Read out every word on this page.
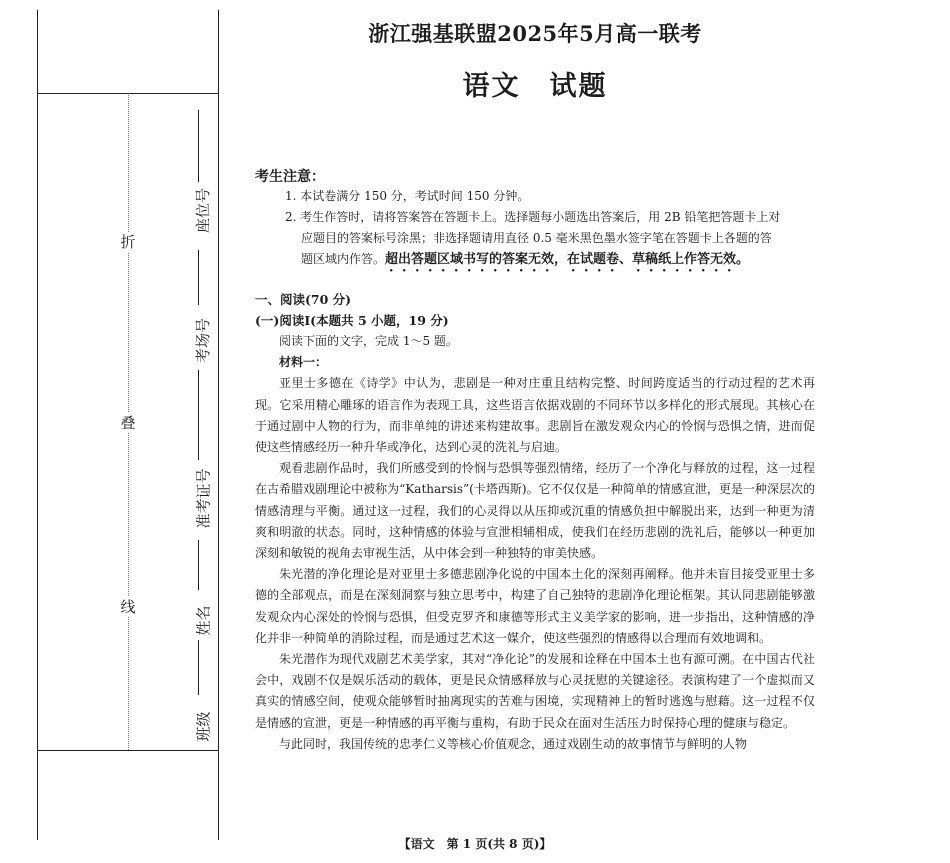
折
叠
线
座位号
考场号
准考证号
姓名
班级
浙江强基联盟2025年5月高一联考
语文　试题
考生注意：

1. 本试卷满分 150 分，考试时间 150 分钟。

2. 考生作答时，请将答案答在答题卡上。选择题每小题选出答案后，用 2B 铅笔把答题卡上对

应题目的答案标号涂黑；非选择题请用直径 0.5 毫米黑色墨水签字笔在答题卡上各题的答

题区域内作答。超出答题区域书写的答案无效，在试题卷、草稿纸上作答无效。

一、阅读(70 分)
(一)阅读Ⅰ(本题共 5 小题，19 分)

阅读下面的文字，完成 1～5 题。

材料一：

亚里士多德在《诗学》中认为，悲剧是一种对庄重且结构完整、时间跨度适当的行动过程的艺术再现。它采用精心雕琢的语言作为表现工具，这些语言依据戏剧的不同环节以多样化的形式展现。其核心在于通过剧中人物的行为，而非单纯的讲述来构建故事。悲剧旨在激发观众内心的怜悯与恐惧之情，进而促使这些情感经历一种升华或净化，达到心灵的洗礼与启迪。

观看悲剧作品时，我们所感受到的怜悯与恐惧等强烈情绪，经历了一个净化与释放的过程，这一过程在古希腊戏剧理论中被称为“Katharsis”(卡塔西斯)。它不仅仅是一种简单的情感宣泄，更是一种深层次的情感清理与平衡。通过这一过程，我们的心灵得以从压抑或沉重的情感负担中解脱出来，达到一种更为清爽和明澈的状态。同时，这种情感的体验与宣泄相辅相成，使我们在经历悲剧的洗礼后，能够以一种更加深刻和敏锐的视角去审视生活，从中体会到一种独特的审美快感。

朱光潜的净化理论是对亚里士多德悲剧净化说的中国本土化的深刻再阐释。他并未盲目接受亚里士多德的全部观点，而是在深刻洞察与独立思考中，构建了自己独特的悲剧净化理论框架。其认同悲剧能够激发观众内心深处的怜悯与恐惧，但受克罗齐和康德等形式主义美学家的影响，进一步指出，这种情感的净化并非一种简单的消除过程，而是通过艺术这一媒介，使这些强烈的情感得以合理而有效地调和。

朱光潜作为现代戏剧艺术美学家，其对“净化论”的发展和诠释在中国本土也有源可溯。在中国古代社会中，戏剧不仅是娱乐活动的载体，更是民众情感释放与心灵抚慰的关键途径。表演构建了一个虚拟而又真实的情感空间，使观众能够暂时抽离现实的苦难与困境，实现精神上的暂时逃逸与慰藉。这一过程不仅是情感的宣泄，更是一种情感的再平衡与重构，有助于民众在面对生活压力时保持心理的健康与稳定。

与此同时，我国传统的忠孝仁义等核心价值观念，通过戏剧生动的故事情节与鲜明的人物

【语文　第 1 页(共 8 页)】
